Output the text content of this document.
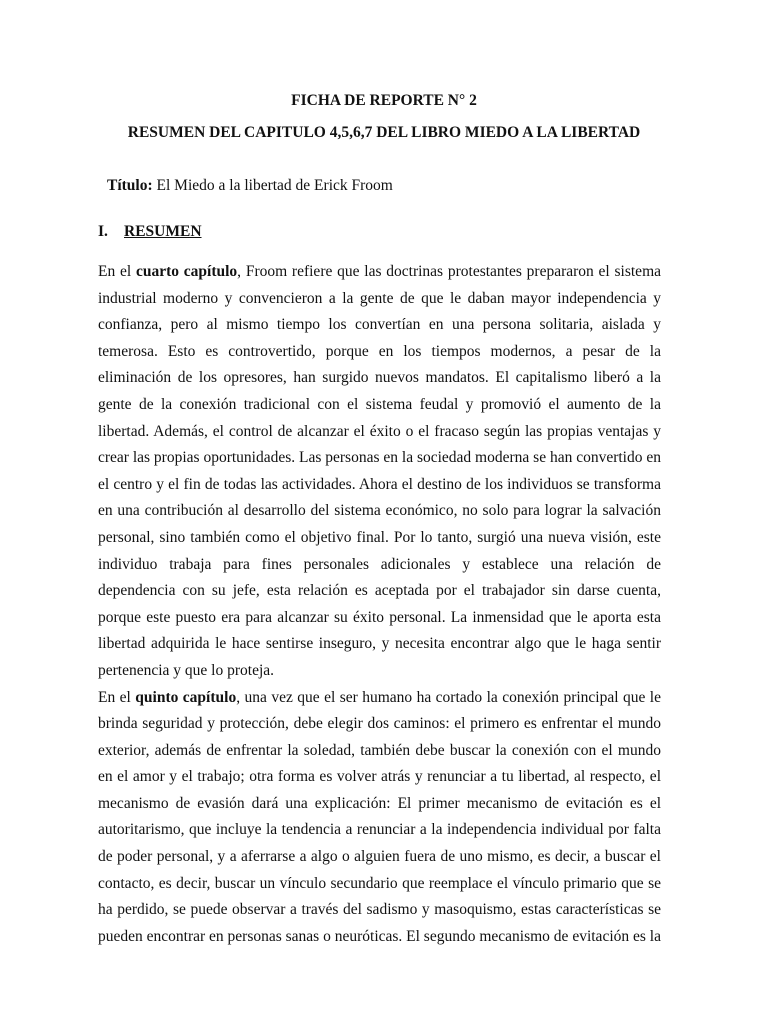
FICHA DE REPORTE N° 2

RESUMEN DEL CAPITULO 4,5,6,7 DEL LIBRO MIEDO A LA LIBERTAD

Título: El Miedo a la libertad de Erick Froom

I. RESUMEN

En el cuarto capítulo, Froom refiere que las doctrinas protestantes prepararon el sistema industrial moderno y convencieron a la gente de que le daban mayor independencia y confianza, pero al mismo tiempo los convertían en una persona solitaria, aislada y temerosa. Esto es controvertido, porque en los tiempos modernos, a pesar de la eliminación de los opresores, han surgido nuevos mandatos. El capitalismo liberó a la gente de la conexión tradicional con el sistema feudal y promovió el aumento de la libertad. Además, el control de alcanzar el éxito o el fracaso según las propias ventajas y crear las propias oportunidades. Las personas en la sociedad moderna se han convertido en el centro y el fin de todas las actividades. Ahora el destino de los individuos se transforma en una contribución al desarrollo del sistema económico, no solo para lograr la salvación personal, sino también como el objetivo final. Por lo tanto, surgió una nueva visión, este individuo trabaja para fines personales adicionales y establece una relación de dependencia con su jefe, esta relación es aceptada por el trabajador sin darse cuenta, porque este puesto era para alcanzar su éxito personal. La inmensidad que le aporta esta libertad adquirida le hace sentirse inseguro, y necesita encontrar algo que le haga sentir pertenencia y que lo proteja.

En el quinto capítulo, una vez que el ser humano ha cortado la conexión principal que le brinda seguridad y protección, debe elegir dos caminos: el primero es enfrentar el mundo exterior, además de enfrentar la soledad, también debe buscar la conexión con el mundo en el amor y el trabajo; otra forma es volver atrás y renunciar a tu libertad, al respecto, el mecanismo de evasión dará una explicación: El primer mecanismo de evitación es el autoritarismo, que incluye la tendencia a renunciar a la independencia individual por falta de poder personal, y a aferrarse a algo o alguien fuera de uno mismo, es decir, a buscar el contacto, es decir, buscar un vínculo secundario que reemplace el vínculo primario que se ha perdido, se puede observar a través del sadismo y masoquismo, estas características se pueden encontrar en personas sanas o neuróticas. El segundo mecanismo de evitación es la
